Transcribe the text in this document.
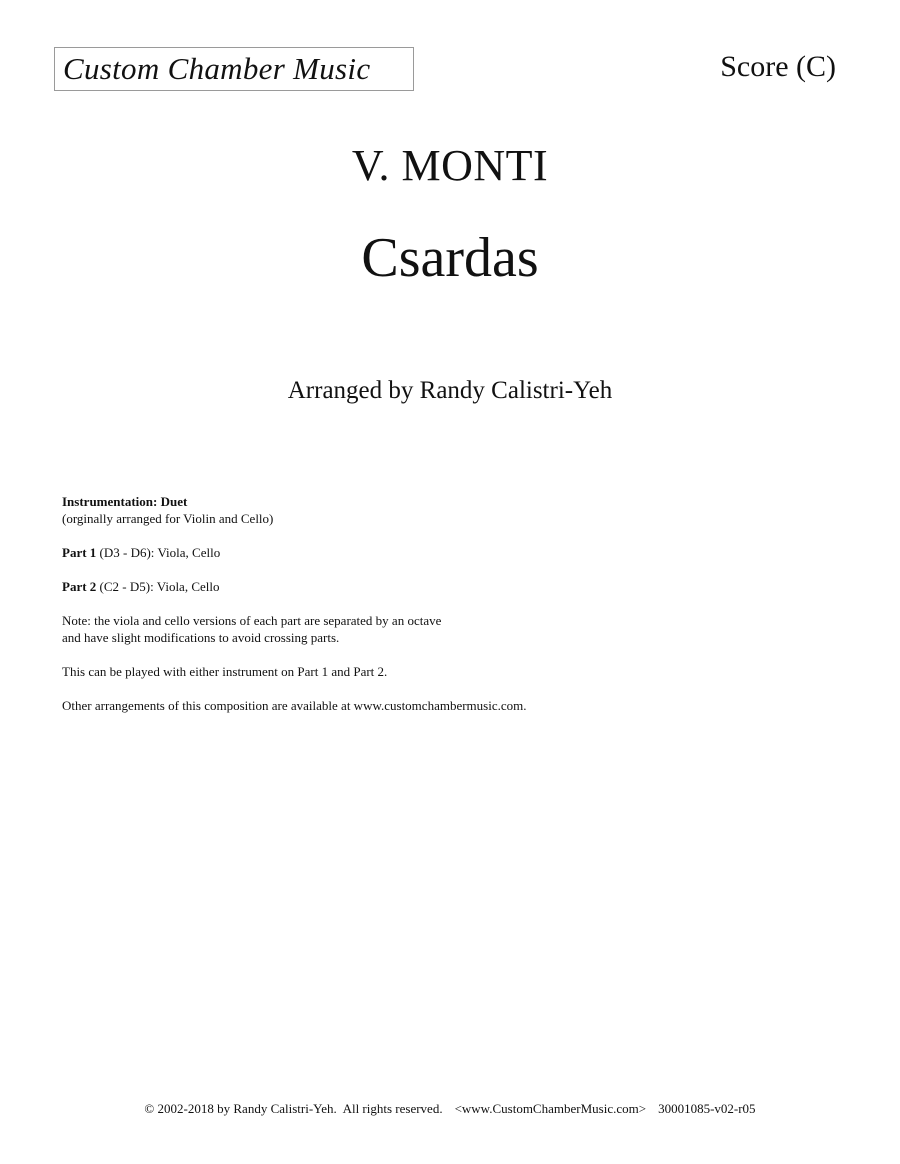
Custom Chamber Music	Score (C)
V. MONTI
Csardas
Arranged by Randy Calistri-Yeh

Instrumentation: Duet

(orginally arranged for Violin and Cello)

Part 1 (D3 - D6): Viola, Cello

Part 2 (C2 - D5): Viola, Cello

Note: the viola and cello versions of each part are separated by an octave
and have slight modifications to avoid crossing parts.

This can be played with either instrument on Part 1 and Part 2.

Other arrangements of this composition are available at www.customchambermusic.com.

© 2002-2018 by Randy Calistri-Yeh.  All rights reserved. <www.CustomChamberMusic.com> 30001085-v02-r05
